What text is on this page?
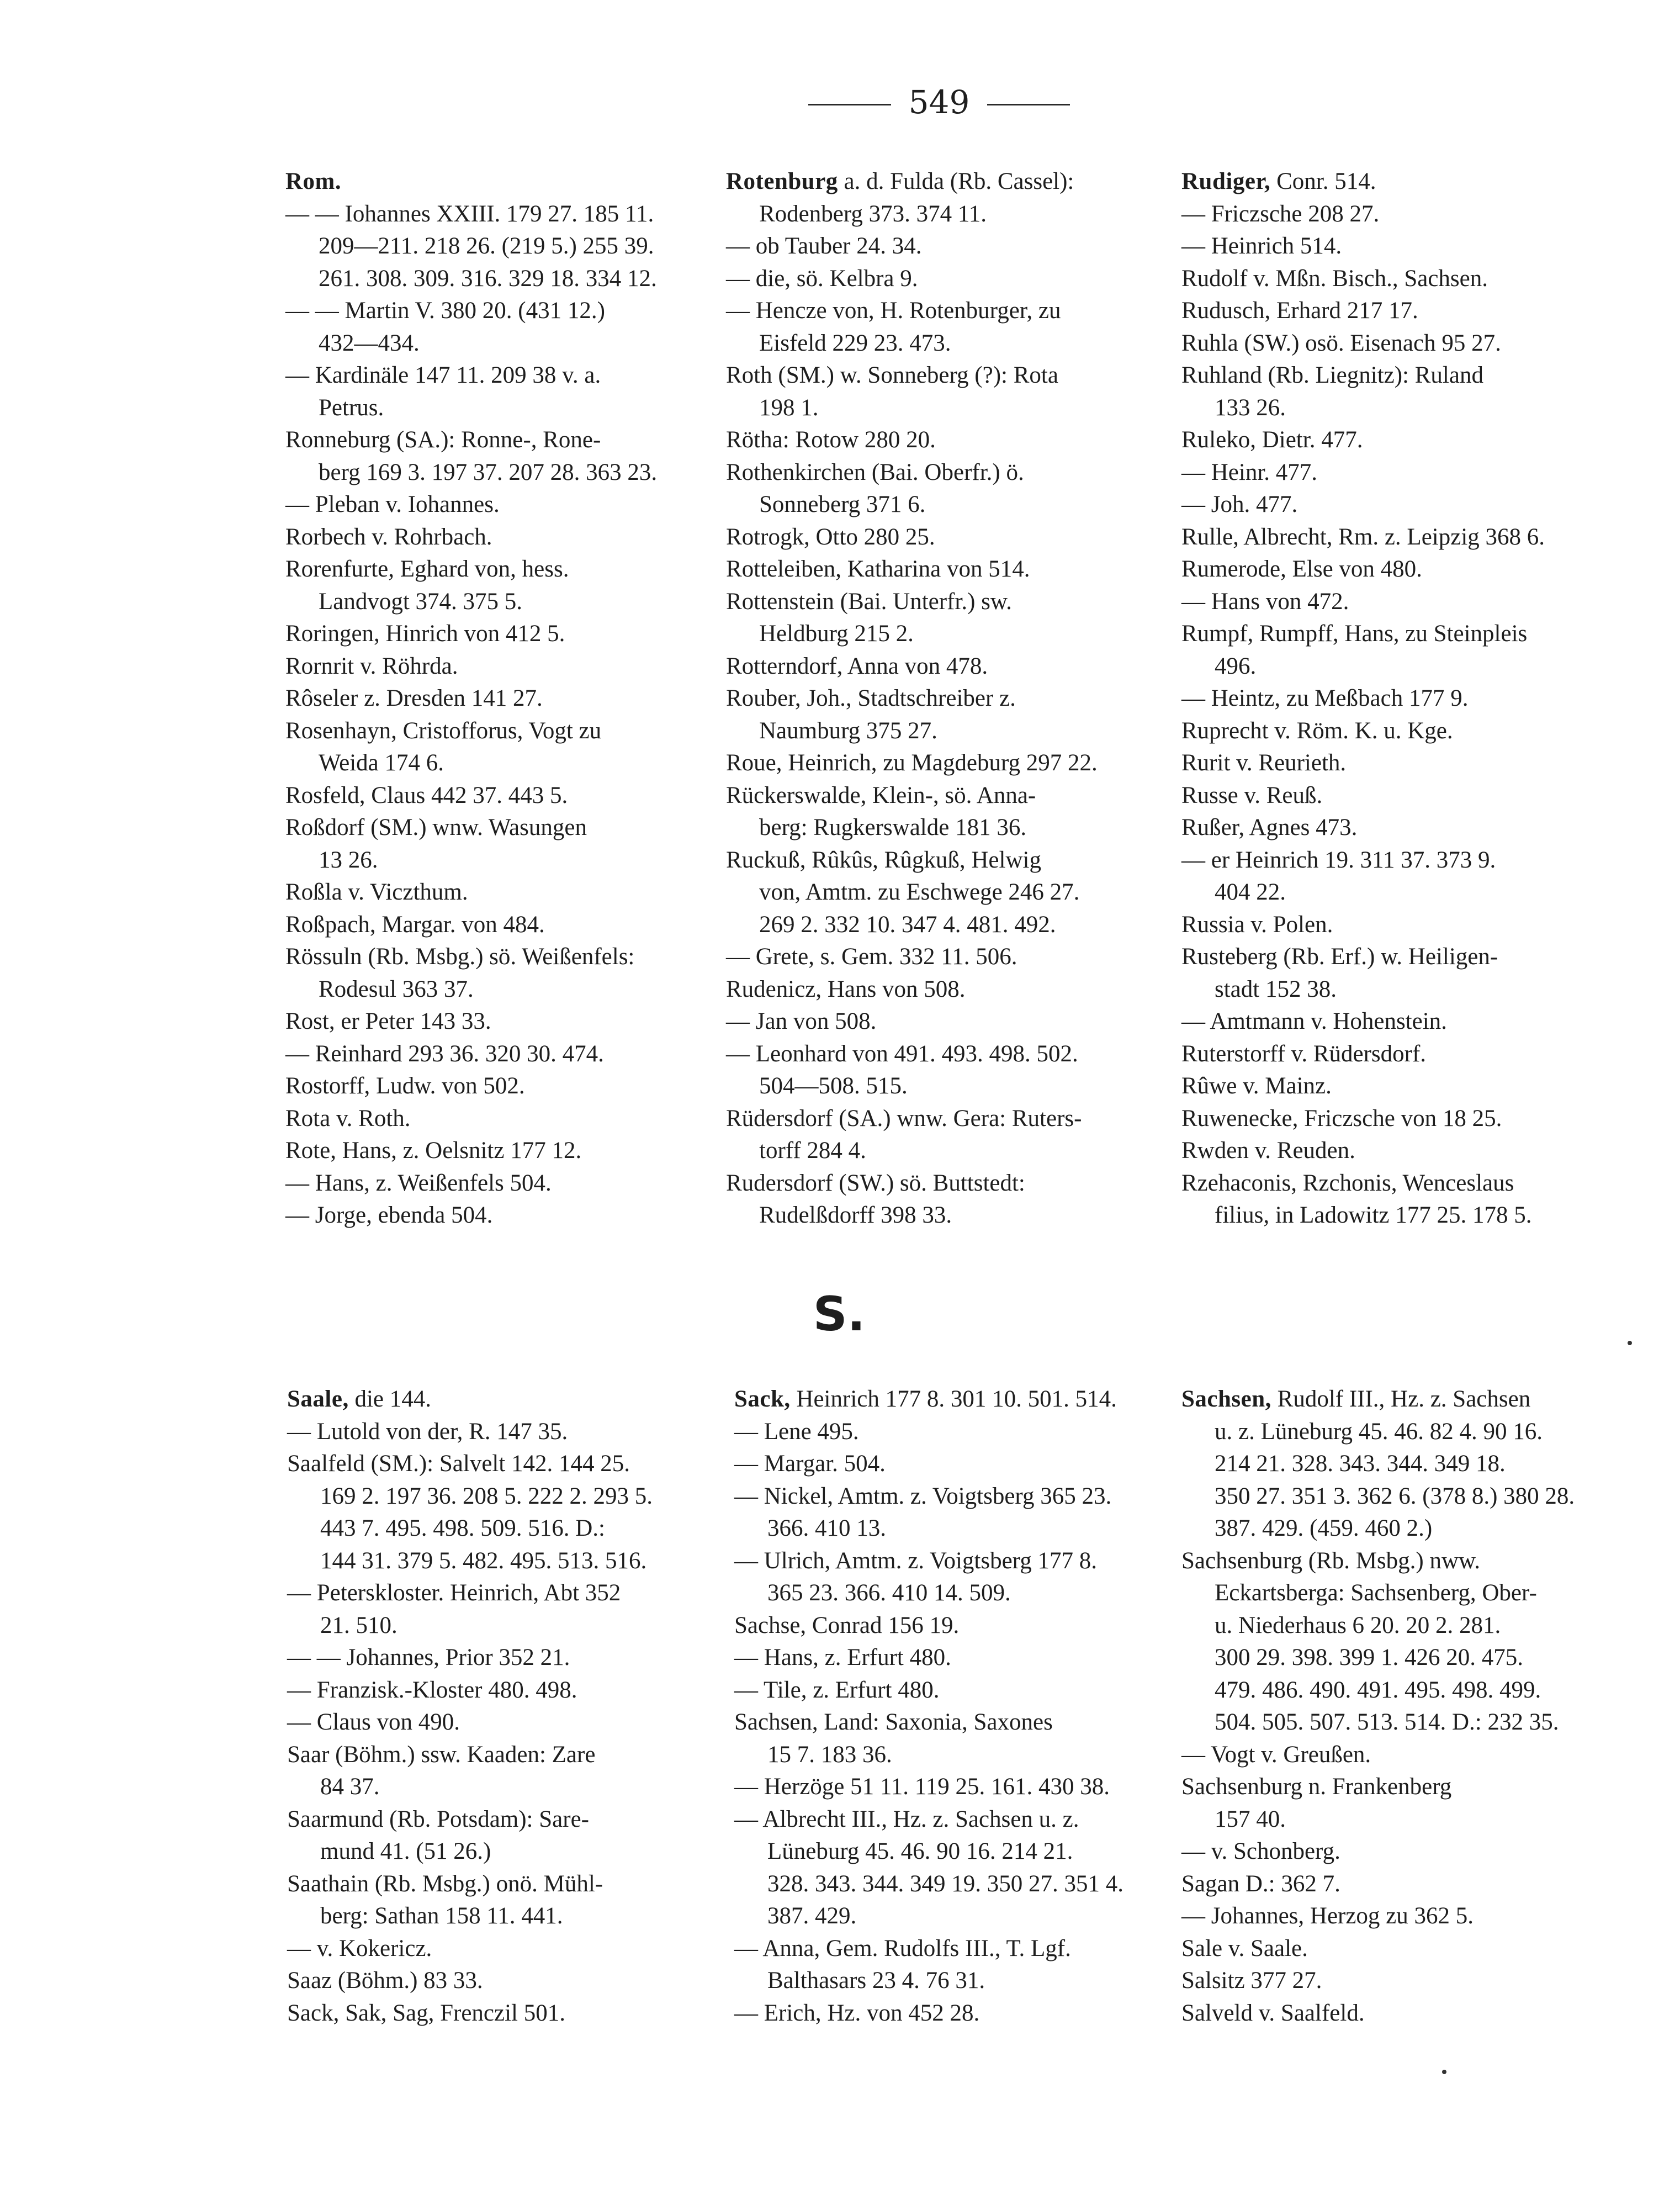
549

Rom.

— — Iohannes XXIII. 179 27. 185 11.
209—211. 218 26. (219 5.) 255 39.
261. 308. 309. 316. 329 18. 334 12.

— — Martin V. 380 20. (431 12.)
432—434.

— Kardinäle 147 11. 209 38 v. a.
Petrus.

Ronneburg (SA.): Ronne-, Rone-
berg 169 3. 197 37. 207 28. 363 23.

— Pleban v. Iohannes.

Rorbech v. Rohrbach.

Rorenfurte, Eghard von, hess.
Landvogt 374. 375 5.

Roringen, Hinrich von 412 5.

Rornrit v. Röhrda.

Rôseler z. Dresden 141 27.

Rosenhayn, Cristofforus, Vogt zu
Weida 174 6.

Rosfeld, Claus 442 37. 443 5.

Roßdorf (SM.) wnw. Wasungen
13 26.

Roßla v. Viczthum.

Roßpach, Margar. von 484.

Rössuln (Rb. Msbg.) sö. Weißenfels:
Rodesul 363 37.

Rost, er Peter 143 33.

— Reinhard 293 36. 320 30. 474.

Rostorff, Ludw. von 502.

Rota v. Roth.

Rote, Hans, z. Oelsnitz 177 12.

— Hans, z. Weißenfels 504.

— Jorge, ebenda 504.

Rotenburg a. d. Fulda (Rb. Cassel):
Rodenberg 373. 374 11.

— ob Tauber 24. 34.

— die, sö. Kelbra 9.

— Hencze von, H. Rotenburger, zu
Eisfeld 229 23. 473.

Roth (SM.) w. Sonneberg (?): Rota
198 1.

Rötha: Rotow 280 20.

Rothenkirchen (Bai. Oberfr.) ö.
Sonneberg 371 6.

Rotrogk, Otto 280 25.

Rotteleiben, Katharina von 514.

Rottenstein (Bai. Unterfr.) sw.
Heldburg 215 2.

Rotterndorf, Anna von 478.

Rouber, Joh., Stadtschreiber z.
Naumburg 375 27.

Roue, Heinrich, zu Magdeburg 297 22.

Rückerswalde, Klein-, sö. Anna-
berg: Rugkerswalde 181 36.

Ruckuß, Rûkûs, Rûgkuß, Helwig
von, Amtm. zu Eschwege 246 27.
269 2. 332 10. 347 4. 481. 492.

— Grete, s. Gem. 332 11. 506.

Rudenicz, Hans von 508.

— Jan von 508.

— Leonhard von 491. 493. 498. 502.
504—508. 515.

Rüdersdorf (SA.) wnw. Gera: Ruters-
torff 284 4.

Rudersdorf (SW.) sö. Buttstedt:
Rudelßdorff 398 33.

Rudiger, Conr. 514.

— Friczsche 208 27.

— Heinrich 514.

Rudolf v. Mßn. Bisch., Sachsen.

Rudusch, Erhard 217 17.

Ruhla (SW.) osö. Eisenach 95 27.

Ruhland (Rb. Liegnitz): Ruland
133 26.

Ruleko, Dietr. 477.

— Heinr. 477.

— Joh. 477.

Rulle, Albrecht, Rm. z. Leipzig 368 6.

Rumerode, Else von 480.

— Hans von 472.

Rumpf, Rumpff, Hans, zu Steinpleis
496.

— Heintz, zu Meßbach 177 9.

Ruprecht v. Röm. K. u. Kge.

Rurit v. Reurieth.

Russe v. Reuß.

Rußer, Agnes 473.

— er Heinrich 19. 311 37. 373 9.
404 22.

Russia v. Polen.

Rusteberg (Rb. Erf.) w. Heiligen-
stadt 152 38.

— Amtmann v. Hohenstein.

Ruterstorff v. Rüdersdorf.

Rûwe v. Mainz.

Ruwenecke, Friczsche von 18 25.

Rwden v. Reuden.

Rzehaconis, Rzchonis, Wenceslaus
filius, in Ladowitz 177 25. 178 5.

S.

Saale, die 144.

— Lutold von der, R. 147 35.

Saalfeld (SM.): Salvelt 142. 144 25.
169 2. 197 36. 208 5. 222 2. 293 5.
443 7. 495. 498. 509. 516. D.:
144 31. 379 5. 482. 495. 513. 516.

— Peterskloster. Heinrich, Abt 352
21. 510.

— — Johannes, Prior 352 21.

— Franzisk.-Kloster 480. 498.

— Claus von 490.

Saar (Böhm.) ssw. Kaaden: Zare
84 37.

Saarmund (Rb. Potsdam): Sare-
mund 41. (51 26.)

Saathain (Rb. Msbg.) onö. Mühl-
berg: Sathan 158 11. 441.

— v. Kokericz.

Saaz (Böhm.) 83 33.

Sack, Sak, Sag, Frenczil 501.

Sack, Heinrich 177 8. 301 10. 501. 514.

— Lene 495.

— Margar. 504.

— Nickel, Amtm. z. Voigtsberg 365 23.
366. 410 13.

— Ulrich, Amtm. z. Voigtsberg 177 8.
365 23. 366. 410 14. 509.

Sachse, Conrad 156 19.

— Hans, z. Erfurt 480.

— Tile, z. Erfurt 480.

Sachsen, Land: Saxonia, Saxones
15 7. 183 36.

— Herzöge 51 11. 119 25. 161. 430 38.

— Albrecht III., Hz. z. Sachsen u. z.
Lüneburg 45. 46. 90 16. 214 21.
328. 343. 344. 349 19. 350 27. 351 4.
387. 429.

— Anna, Gem. Rudolfs III., T. Lgf.
Balthasars 23 4. 76 31.

— Erich, Hz. von 452 28.

Sachsen, Rudolf III., Hz. z. Sachsen
u. z. Lüneburg 45. 46. 82 4. 90 16.
214 21. 328. 343. 344. 349 18.
350 27. 351 3. 362 6. (378 8.) 380 28.
387. 429. (459. 460 2.)

Sachsenburg (Rb. Msbg.) nww.
Eckartsberga: Sachsenberg, Ober-
u. Niederhaus 6 20. 20 2. 281.
300 29. 398. 399 1. 426 20. 475.
479. 486. 490. 491. 495. 498. 499.
504. 505. 507. 513. 514. D.: 232 35.

— Vogt v. Greußen.

Sachsenburg n. Frankenberg
157 40.

— v. Schonberg.

Sagan D.: 362 7.

— Johannes, Herzog zu 362 5.

Sale v. Saale.

Salsitz 377 27.

Salveld v. Saalfeld.
